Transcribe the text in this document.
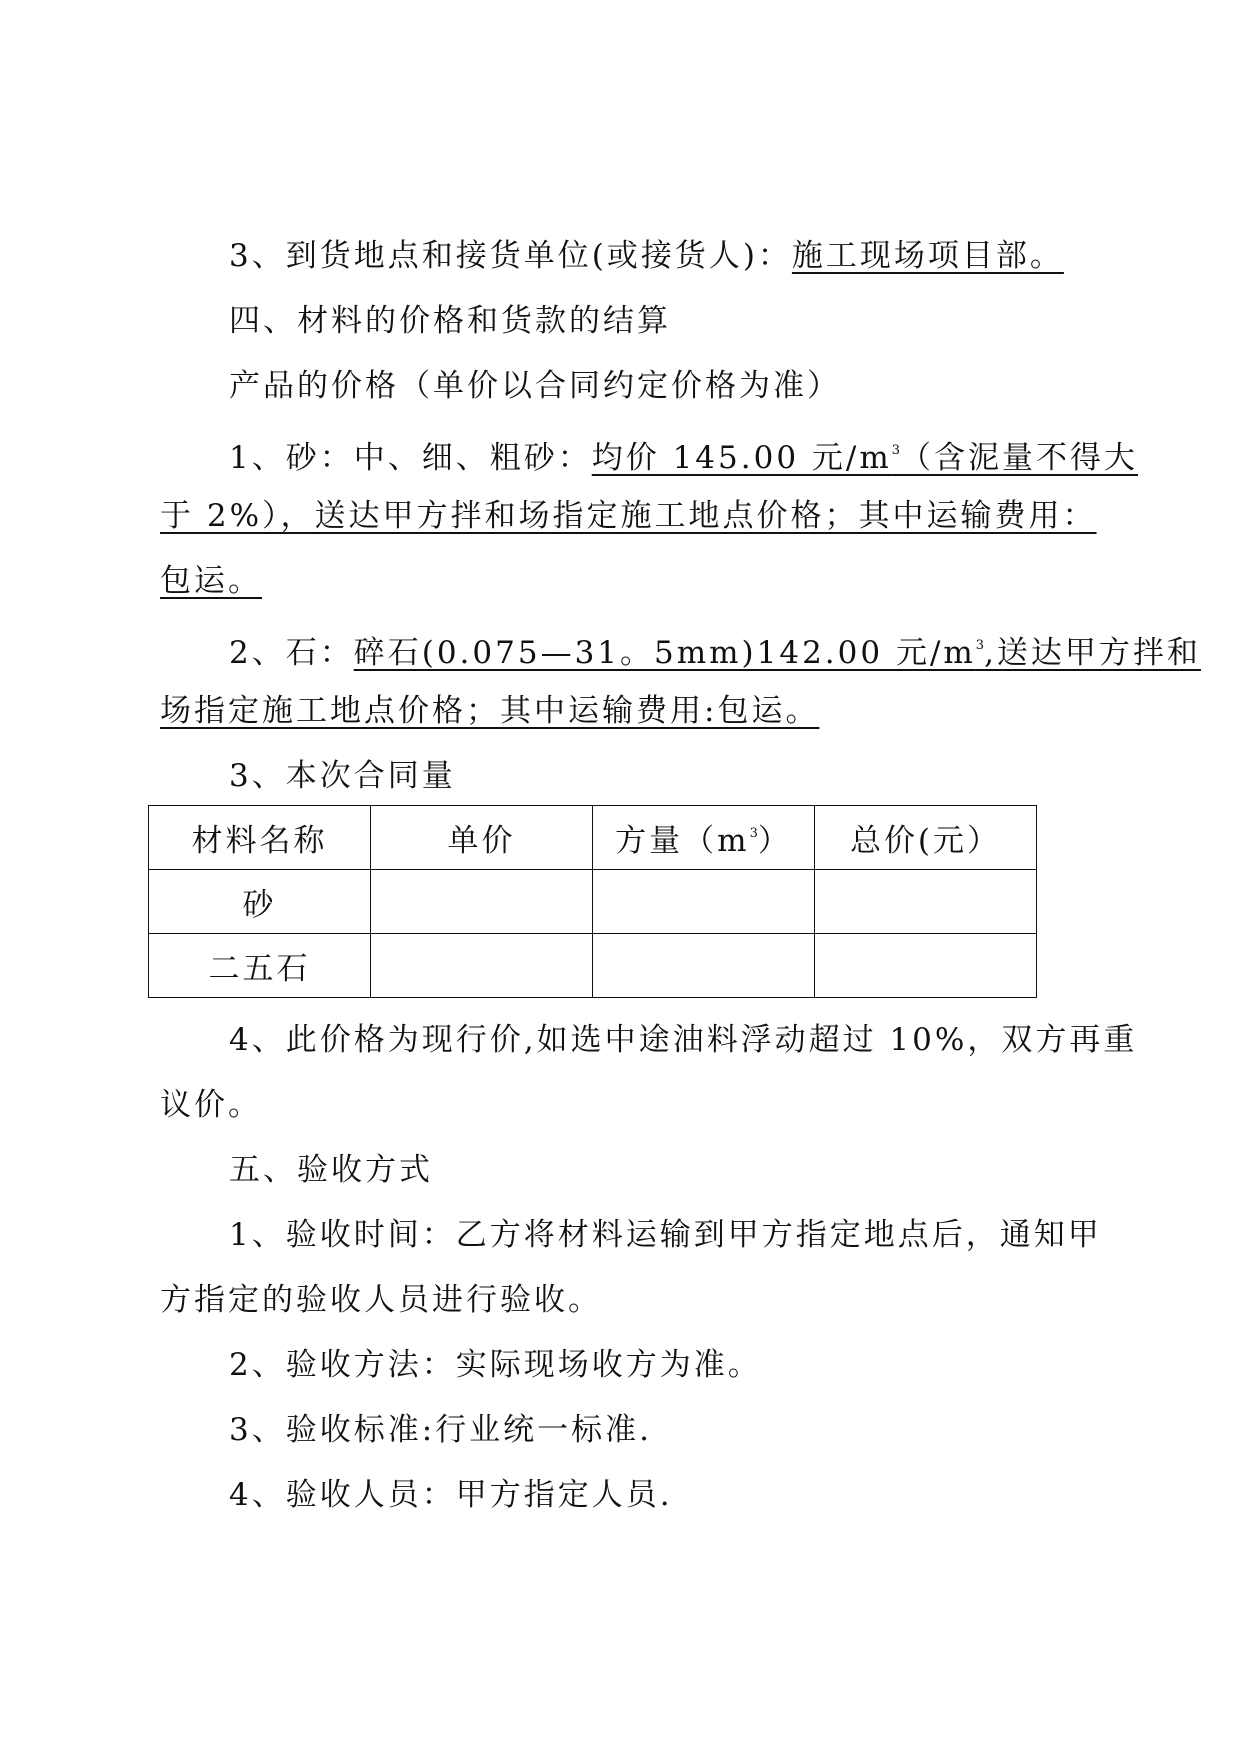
3、到货地点和接货单位(或接货人)：施工现场项目部。
四、材料的价格和货款的结算
产品的价格（单价以合同约定价格为准）
1、砂：中、细、粗砂：均价 145.00 元$/m^3$（含泥量不得大
于 2%），送达甲方拌和场指定施工地点价格；其中运输费用：
包运。
2、石：碎石(0.075—31。5mm)142.00 元$/m^3$,送达甲方拌和
场指定施工地点价格；其中运输费用:包运。
3、本次合同量
材料名称	单价	方量$(m^3)$	总价(元）
砂			
二五石			
4、此价格为现行价,如选中途油料浮动超过 10%，双方再重
议价。
五、验收方式
1、验收时间：乙方将材料运输到甲方指定地点后，通知甲
方指定的验收人员进行验收。
2、验收方法：实际现场收方为准。
3、验收标准:行业统一标准.
4、验收人员：甲方指定人员.
